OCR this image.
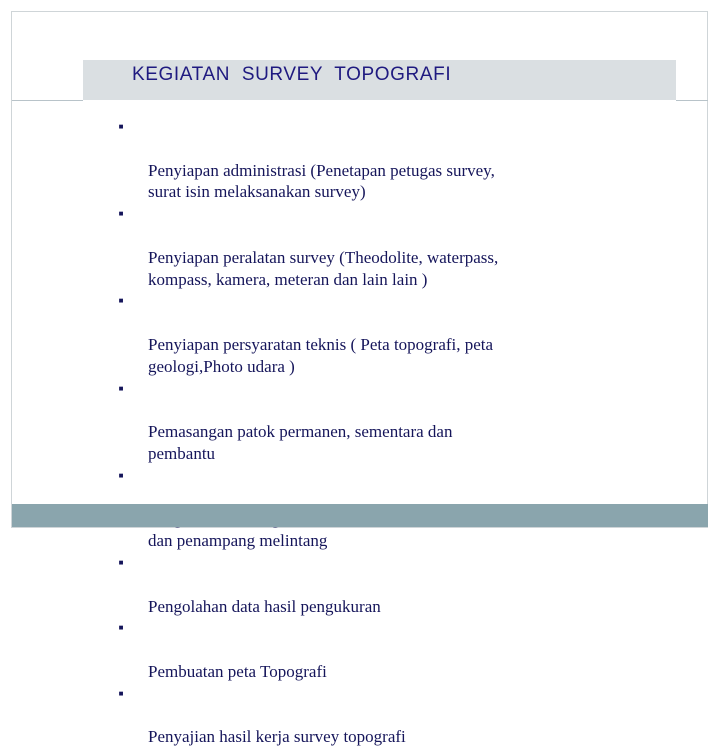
KEGIATAN  SURVEY  TOPOGRAFI

■

Penyiapan administrasi (Penetapan petugas survey,
surat isin melaksanakan survey)

■

Penyiapan peralatan survey (Theodolite, waterpass,
kompass, kamera, meteran dan lain lain )

■

Penyiapan persyaratan teknis ( Peta topografi, peta
geologi,Photo udara )

■

Pemasangan patok permanen, sementara dan
pembantu

■

dan penampang melintang

■

Pengolahan data hasil pengukuran

■

Pembuatan peta Topografi

■

Penyajian hasil kerja survey topografi
